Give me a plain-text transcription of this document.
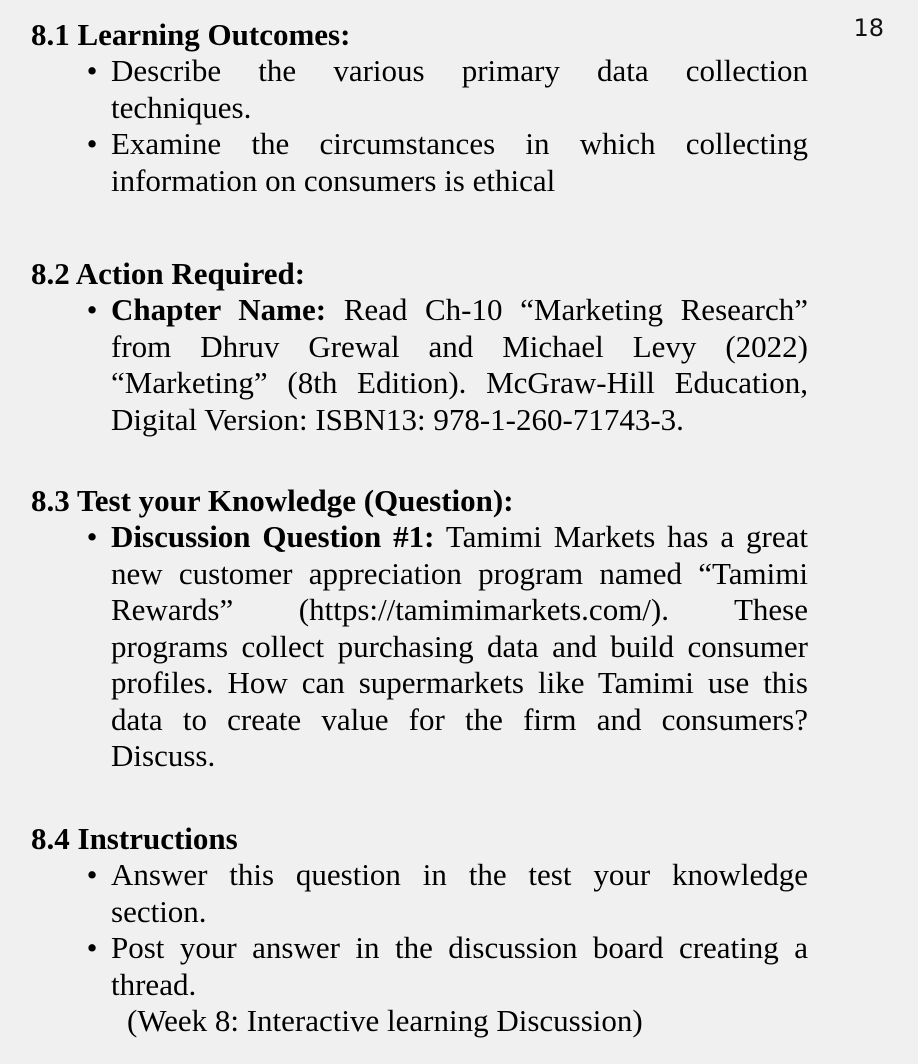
18
8.1 Learning Outcomes:
• Describe the various primary data collection techniques.
• Examine the circumstances in which collecting information on consumers is ethical
8.2 Action Required:
• Chapter Name: Read Ch-10 “Marketing Research” from Dhruv Grewal and Michael Levy (2022) “Marketing” (8th Edition). McGraw-Hill Education, Digital Version: ISBN13: 978-1-260-71743-3.
8.3 Test your Knowledge (Question):
• Discussion Question #1: Tamimi Markets has a great new customer appreciation program named “Tamimi Rewards” (https://tamimimarkets.com/). These programs collect purchasing data and build consumer profiles. How can supermarkets like Tamimi use this data to create value for the firm and consumers? Discuss.
8.4 Instructions
• Answer this question in the test your knowledge section.
• Post your answer in the discussion board creating a thread.
(Week 8: Interactive learning Discussion)
